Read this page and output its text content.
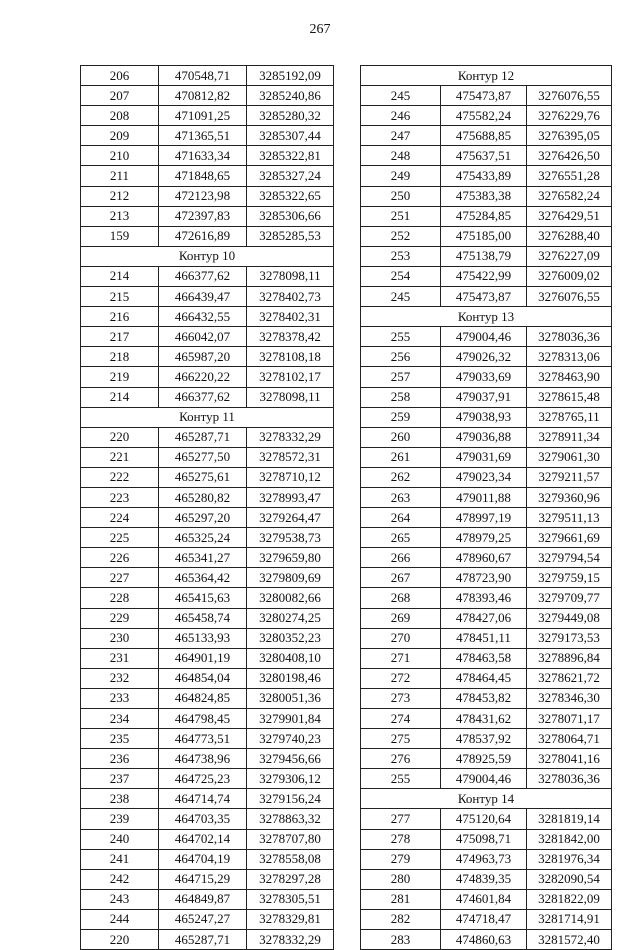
267
206	470548,71	3285192,09
207	470812,82	3285240,86
208	471091,25	3285280,32
209	471365,51	3285307,44
210	471633,34	3285322,81
211	471848,65	3285327,24
212	472123,98	3285322,65
213	472397,83	3285306,66
159	472616,89	3285285,53
Контур 10		
214	466377,62	3278098,11
215	466439,47	3278402,73
216	466432,55	3278402,31
217	466042,07	3278378,42
218	465987,20	3278108,18
219	466220,22	3278102,17
214	466377,62	3278098,11
Контур 11		
220	465287,71	3278332,29
221	465277,50	3278572,31
222	465275,61	3278710,12
223	465280,82	3278993,47
224	465297,20	3279264,47
225	465325,24	3279538,73
226	465341,27	3279659,80
227	465364,42	3279809,69
228	465415,63	3280082,66
229	465458,74	3280274,25
230	465133,93	3280352,23
231	464901,19	3280408,10
232	464854,04	3280198,46
233	464824,85	3280051,36
234	464798,45	3279901,84
235	464773,51	3279740,23
236	464738,96	3279456,66
237	464725,23	3279306,12
238	464714,74	3279156,24
239	464703,35	3278863,32
240	464702,14	3278707,80
241	464704,19	3278558,08
242	464715,29	3278297,28
243	464849,87	3278305,51
244	465247,27	3278329,81
220	465287,71	3278332,29
Контур 12		
245	475473,87	3276076,55
246	475582,24	3276229,76
247	475688,85	3276395,05
248	475637,51	3276426,50
249	475433,89	3276551,28
250	475383,38	3276582,24
251	475284,85	3276429,51
252	475185,00	3276288,40
253	475138,79	3276227,09
254	475422,99	3276009,02
245	475473,87	3276076,55
Контур 13		
255	479004,46	3278036,36
256	479026,32	3278313,06
257	479033,69	3278463,90
258	479037,91	3278615,48
259	479038,93	3278765,11
260	479036,88	3278911,34
261	479031,69	3279061,30
262	479023,34	3279211,57
263	479011,88	3279360,96
264	478997,19	3279511,13
265	478979,25	3279661,69
266	478960,67	3279794,54
267	478723,90	3279759,15
268	478393,46	3279709,77
269	478427,06	3279449,08
270	478451,11	3279173,53
271	478463,58	3278896,84
272	478464,45	3278621,72
273	478453,82	3278346,30
274	478431,62	3278071,17
275	478537,92	3278064,71
276	478925,59	3278041,16
255	479004,46	3278036,36
Контур 14		
277	475120,64	3281819,14
278	475098,71	3281842,00
279	474963,73	3281976,34
280	474839,35	3282090,54
281	474601,84	3281822,09
282	474718,47	3281714,91
283	474860,63	3281572,40
